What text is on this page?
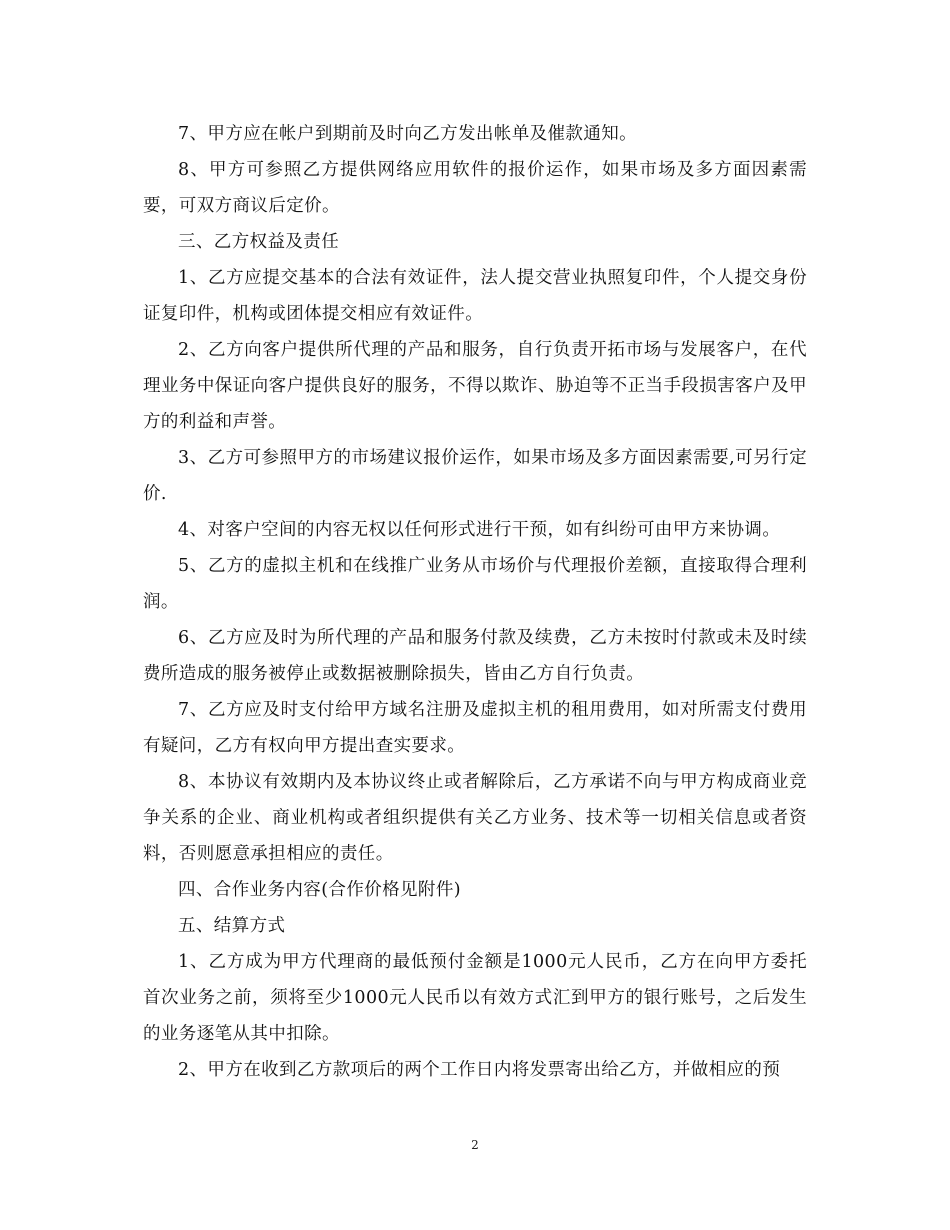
7、甲方应在帐户到期前及时向乙方发出帐单及催款通知。

8、甲方可参照乙方提供网络应用软件的报价运作，如果市场及多方面因素需要，可双方商议后定价。

三、乙方权益及责任

1、乙方应提交基本的合法有效证件，法人提交营业执照复印件，个人提交身份证复印件，机构或团体提交相应有效证件。

2、乙方向客户提供所代理的产品和服务，自行负责开拓市场与发展客户，在代理业务中保证向客户提供良好的服务，不得以欺诈、胁迫等不正当手段损害客户及甲方的利益和声誉。

3、乙方可参照甲方的市场建议报价运作，如果市场及多方面因素需要,可另行定价.

4、对客户空间的内容无权以任何形式进行干预，如有纠纷可由甲方来协调。

5、乙方的虚拟主机和在线推广业务从市场价与代理报价差额，直接取得合理利润。

6、乙方应及时为所代理的产品和服务付款及续费，乙方未按时付款或未及时续费所造成的服务被停止或数据被删除损失，皆由乙方自行负责。

7、乙方应及时支付给甲方域名注册及虚拟主机的租用费用，如对所需支付费用有疑问，乙方有权向甲方提出查实要求。

8、本协议有效期内及本协议终止或者解除后，乙方承诺不向与甲方构成商业竞争关系的企业、商业机构或者组织提供有关乙方业务、技术等一切相关信息或者资料，否则愿意承担相应的责任。

四、合作业务内容(合作价格见附件)

五、结算方式

1、乙方成为甲方代理商的最低预付金额是1000元人民币，乙方在向甲方委托首次业务之前，须将至少1000元人民币以有效方式汇到甲方的银行账号，之后发生的业务逐笔从其中扣除。

2、甲方在收到乙方款项后的两个工作日内将发票寄出给乙方，并做相应的预

2
